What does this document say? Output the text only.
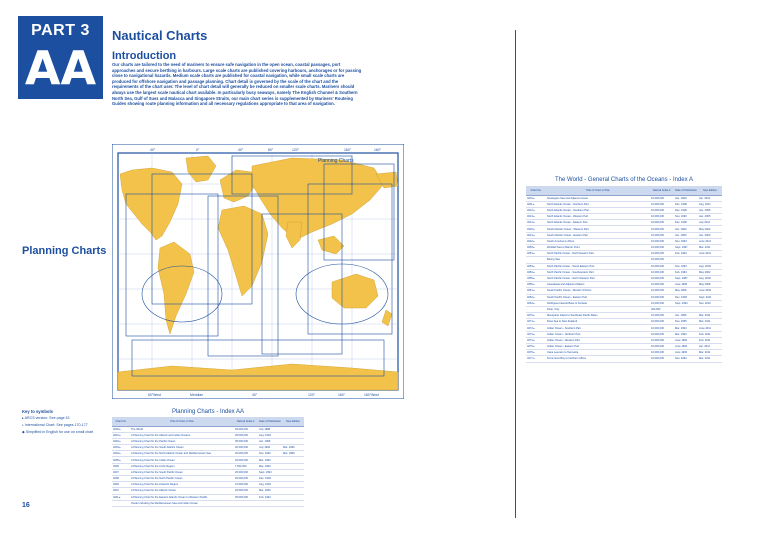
PART 3
AA
Nautical Charts
Introduction
Our charts are tailored to the need of mariners to ensure safe navigation in the open ocean, coastal passages, port approaches and secure berthing in harbours. Large scale charts are published covering harbours, anchorages or for passing close to navigational hazards. Medium scale charts are published for coastal navigation, while small scale charts are produced for offshore navigation and passage planning. Chart detail is governed by the scale of the chart and the requirements of the chart user. The level of chart detail will generally be reduced on smaller scale charts. Mariners should always use the largest scale nautical chart available. In particularly busy seaways, namely The English Channel & Southern North Sea, Gulf of Suez and Malacca and Singapore Straits, our main chart series is supplemented by Mariners' Routeing Guides showing route planning information and all necessary regulations appropriate to that area of navigation.
Planning Charts
Planning Charts
40°	0°	40°	80°	120°	160°	160°
60°West	Meridian	40°	120°	160°	160°West
The World - General Charts of the Oceans - Index A
Chart No.	Title of Chart or Plan	Natural Scale 1:	Date of Publication	New Edition
4001 ▸	Norwegian Sea and Adjacent Areas	10,000,000	Jan. 1990	Apr. 2012
4011 ▸	North Atlantic Ocean - Northern Part	10,000,000	Dec. 1996	Aug. 2011
4012 ▸	North Atlantic Ocean - Southern Part	10,000,000	Dec. 1990	Jan. 2005
4013 ▸	North Atlantic Ocean - Western Part	10,000,000	Nov. 1990	Jan. 2005
4014 ▸	North Atlantic Ocean - Eastern Part	10,000,000	Dec. 1990	July 2012
4020 ▸	South Atlantic Ocean - Western Part	10,000,000	Jan. 1993	May 2002
4021 ▸	South Atlantic Ocean - Eastern Part	10,000,000	Jan. 1993	Jan. 2003
4022 ▸	South America to Africa	10,000,000	Nov. 1993	June 2011
4050 ▸	Weddell Sea to Barrier Point	10,000,000	Sept. 1997	Mar. 2011
4051 ▸	North Pacific Ocean - North Eastern Part	10,000,000	Feb. 1993	June 2011
	Bering Sea	10,000,000		
4053 ▸	North Pacific Ocean - South Eastern Part	10,000,000	Nov. 1993	Aug. 2002
4054 ▸	North Pacific Ocean - Southwestern Part	10,000,000	Feb. 1993	May 2002
4055 ▸	North Pacific Ocean - North Western Part	10,000,000	Sept. 1987	Aug. 2002
4056 ▸	Australasia and Adjacent Waters	10,000,000	June 1995	May 2008
4061 ▸	South Pacific Ocean - Western Portion	10,000,000	May 1996	June 2002
4062 ▸	South Pacific Ocean - Eastern Part	10,000,000	Dec. 1993	Sept. 2011
4063 ▸	Rodrigues Islands Bass to Kerbela	10,000,000	Sept. 1993	Nov. 2010
	Peter I Isly	400,000		
4070 ▸	Macquarie Island to Southeast Pacific Basin	10,000,000	Jan. 1995	Mar. 2011
4071 ▸	Ross Sea to New Zealand	10,000,000	Nov. 1995	Mar. 2011
4072 ▸	Indian Ocean - Southern Part	10,000,000	Mar. 1993	June 2011
4073 ▸	Indian Ocean - Northern Part	10,000,000	Mar. 1993	Feb. 2011
4074 ▸	Indian Ocean - Western Part	10,000,000	June 1993	Feb. 2011
4075 ▸	Indian Ocean - Eastern Part	10,000,000	June 1993	Apr. 2011
4076 ▸	Cape Leeuwin to Tasmania	10,000,000	June 1993	Mar. 2011
4077 ▸	Terra Nova Bay to Northern Africa	10,000,000	Nov. 1994	Mar. 2011
Planning Charts - Index AA
Chart No.	Title of Chart or Plan	Natural Scale 1:	Date of Publication	New Edition
4000 ▸	The World	45,000,000	July 1988	
4001 ▸	A Planning Chart for the Atlantic and Indian Oceans	35,000,000	Aug. 1994	
4002 ▸	A Planning Chart for the Pacific Ocean	35,000,000	Jan. 1996	
4003 ▸	A Planning Chart for the South Atlantic Ocean	20,000,000	July 1992	Mar. 1996
4004 ▸	A Planning Chart for the North Atlantic Ocean and Mediterranean Sea	20,000,000	Nov. 1992	Mar. 1996
4005 ▸	A Planning Chart for the Indian Ocean	20,000,000	Mar. 1993	
4006	A Planning Chart for the Arctic Region	7,500,000	Mar. 1993	
4007	A Planning Chart for the South Pacific Ocean	20,000,000	Sept. 1993	
4008	A Planning Chart for the North Pacific Ocean	20,000,000	Dec. 1993	
4009	A Planning Chart for the Antarctic Region	15,000,000	Aug. 1994	
4010	A Planning Chart for the Atlantic Ocean	20,000,000	Mar. 1995	
4011 ▸	A Planning Chart for the Eastern Atlantic Ocean to Western Pacific	35,000,000	Feb. 1994	
	Ocean including the Mediterranean Sea and Indian Ocean			
Key to symbols
▸ ARCS version: See page 15
▹ International Chart: See pages 170-177
◆ Simplified in English for use on small chart
16
